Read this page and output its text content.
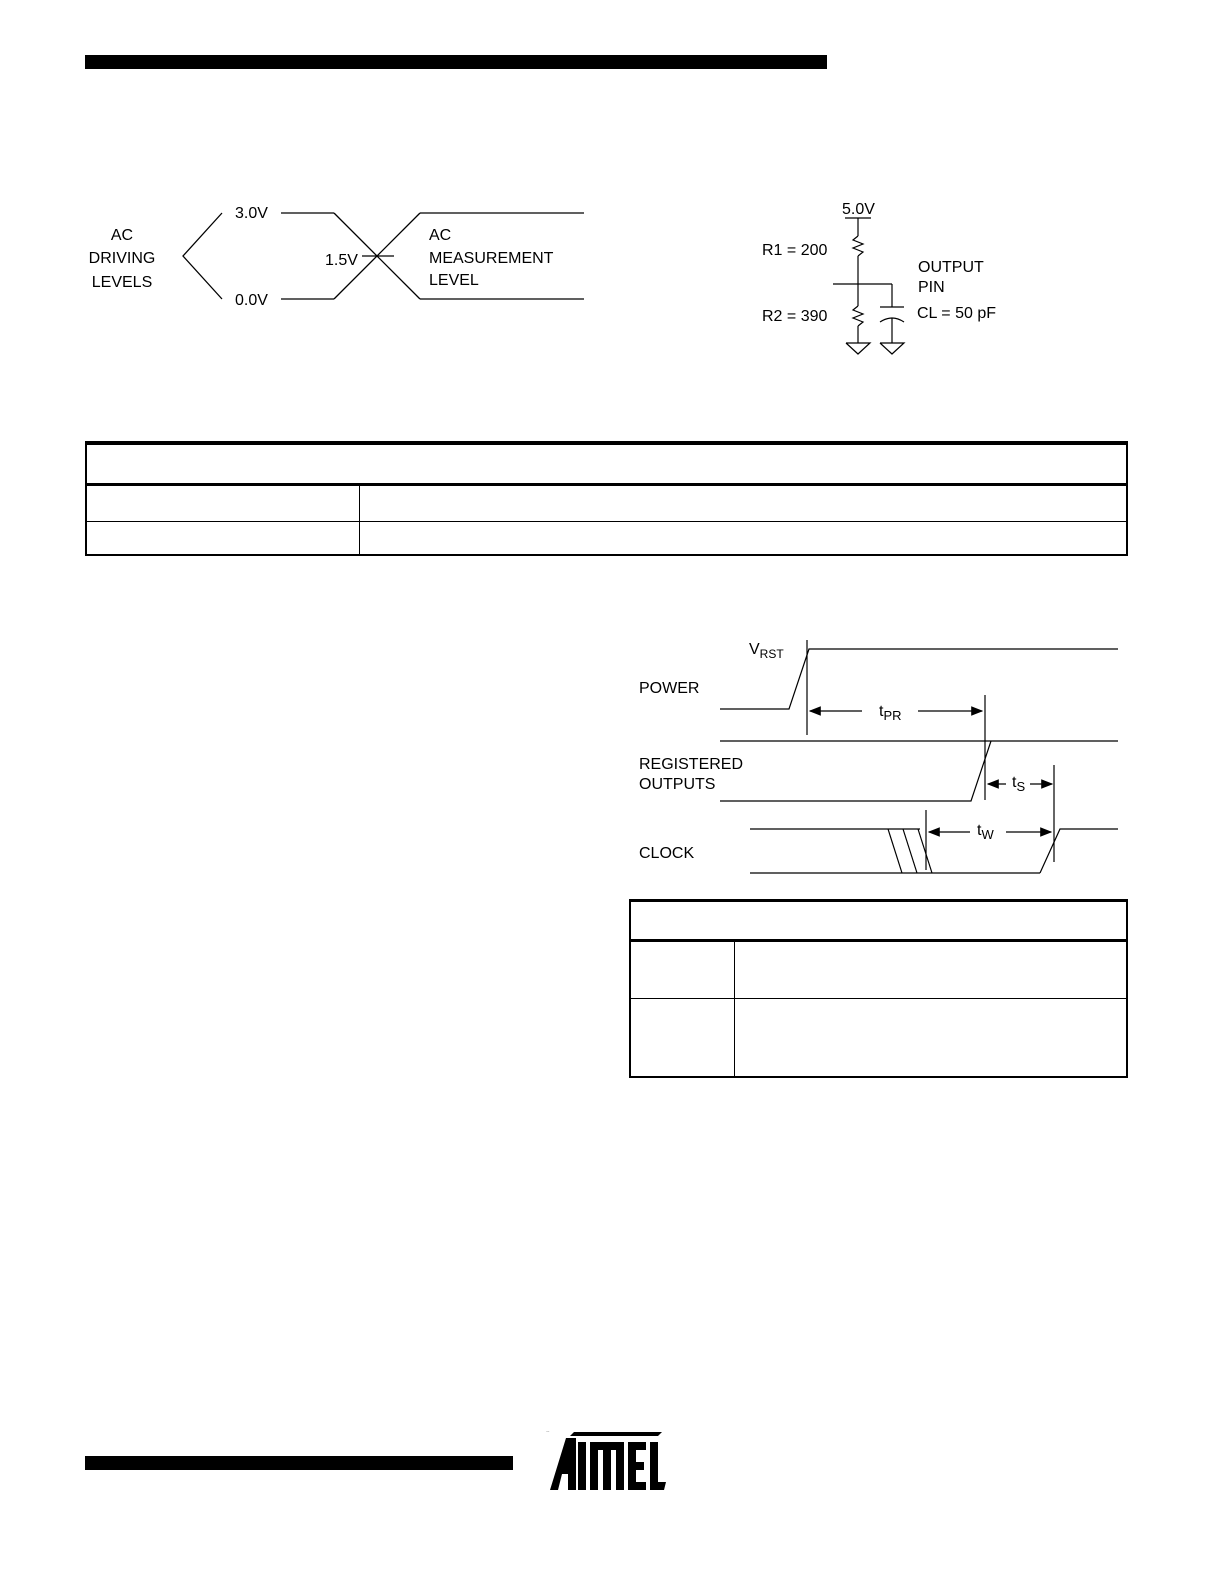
AC
DRIVING
LEVELS
3.0V
0.0V
1.5V
AC
MEASUREMENT
LEVEL
5.0V
R1 = 200
R2 = 390
OUTPUT
PIN
CL = 50 pF
$V_{RST}$
POWER
$t_{PR}$
REGISTERED
OUTPUTS	$t_S$
CLOCK
$t_W$
ATMEL
